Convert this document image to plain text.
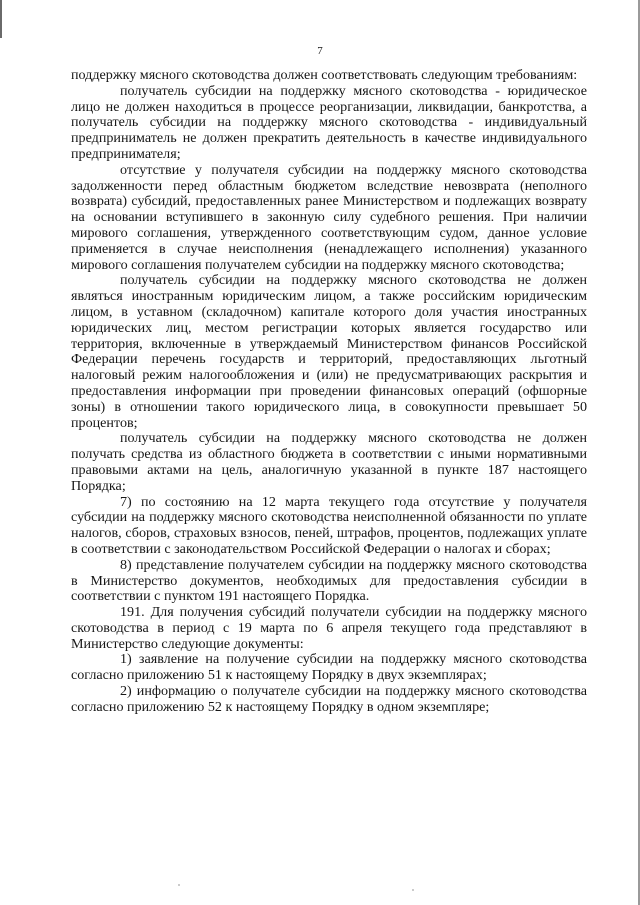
7

поддержку мясного скотоводства должен соответствовать следующим требованиям:

получатель субсидии на поддержку мясного скотоводства - юридическое лицо не должен находиться в процессе реорганизации, ликвидации, банкротства, а получатель субсидии на поддержку мясного скотоводства - индивидуальный предприниматель не должен прекратить деятельность в качестве индивидуального предпринимателя;

отсутствие у получателя субсидии на поддержку мясного скотоводства задолженности перед областным бюджетом вследствие невозврата (неполного возврата) субсидий, предоставленных ранее Министерством и подлежащих возврату на основании вступившего в законную силу судебного решения. При наличии мирового соглашения, утвержденного соответствующим судом, данное условие применяется в случае неисполнения (ненадлежащего исполнения) указанного мирового соглашения получателем субсидии на поддержку мясного скотоводства;

получатель субсидии на поддержку мясного скотоводства не должен являться иностранным юридическим лицом, а также российским юридическим лицом, в уставном (складочном) капитале которого доля участия иностранных юридических лиц, местом регистрации которых является государство или территория, включенные в утверждаемый Министерством финансов Российской Федерации перечень государств и территорий, предоставляющих льготный налоговый режим налогообложения и (или) не предусматривающих раскрытия и предоставления информации при проведении финансовых операций (офшорные зоны) в отношении такого юридического лица, в совокупности превышает 50 процентов;

получатель субсидии на поддержку мясного скотоводства не должен получать средства из областного бюджета в соответствии с иными нормативными правовыми актами на цель, аналогичную указанной в пункте 187 настоящего Порядка;

7) по состоянию на 12 марта текущего года отсутствие у получателя субсидии на поддержку мясного скотоводства неисполненной обязанности по уплате налогов, сборов, страховых взносов, пеней, штрафов, процентов, подлежащих уплате в соответствии с законодательством Российской Федерации о налогах и сборах;

8) представление получателем субсидии на поддержку мясного скотоводства в Министерство документов, необходимых для предоставления субсидии в соответствии с пунктом 191 настоящего Порядка.

191. Для получения субсидий получатели субсидии на поддержку мясного скотоводства в период с 19 марта по 6 апреля текущего года представляют в Министерство следующие документы:

1) заявление на получение субсидии на поддержку мясного скотоводства согласно приложению 51 к настоящему Порядку в двух экземплярах;

2) информацию о получателе субсидии на поддержку мясного скотоводства согласно приложению 52 к настоящему Порядку в одном экземпляре;
